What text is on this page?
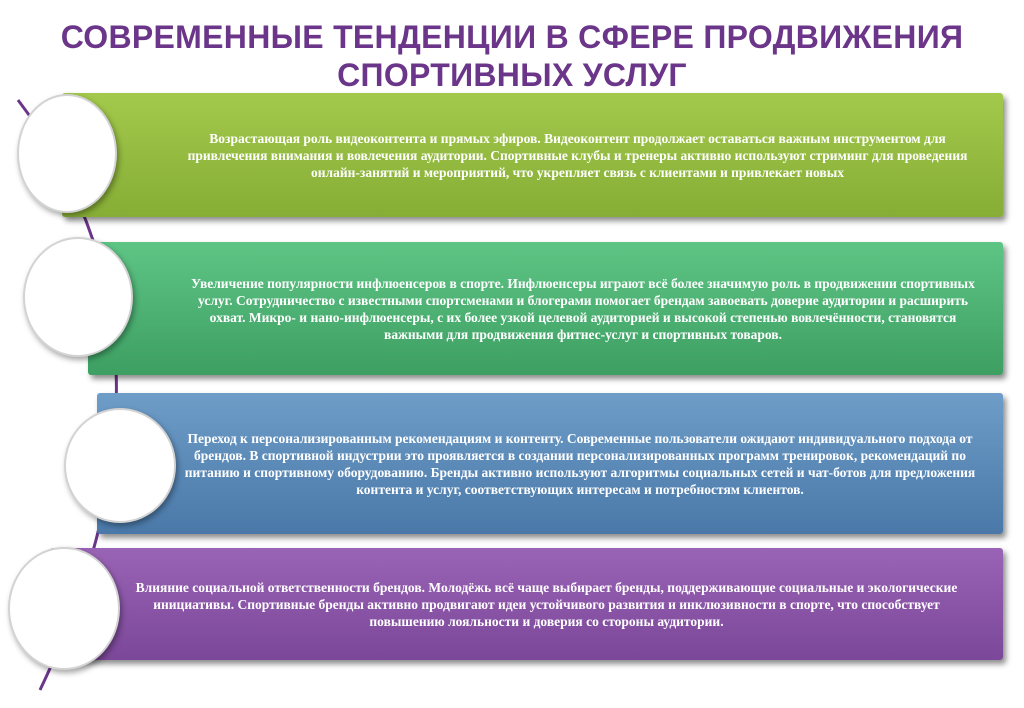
СОВРЕМЕННЫЕ ТЕНДЕНЦИИ В СФЕРЕ ПРОДВИЖЕНИЯ
СПОРТИВНЫХ УСЛУГ
Возрастающая роль видеоконтента и прямых эфиров. Видеоконтент продолжает оставаться важным инструментом для привлечения внимания и вовлечения аудитории. Спортивные клубы и тренеры активно используют стриминг для проведения онлайн-занятий и мероприятий, что укрепляет связь с клиентами и привлекает новых
Увеличение популярности инфлюенсеров в спорте. Инфлюенсеры играют всё более значимую роль в продвижении спортивных услуг. Сотрудничество с известными спортсменами и блогерами помогает брендам завоевать доверие аудитории и расширить охват. Микро- и нано-инфлюенсеры, с их более узкой целевой аудиторией и высокой степенью вовлечённости, становятся важными для продвижения фитнес-услуг и спортивных товаров.
Переход к персонализированным рекомендациям и контенту. Современные пользователи ожидают индивидуального подхода от брендов. В спортивной индустрии это проявляется в создании персонализированных программ тренировок, рекомендаций по питанию и спортивному оборудованию. Бренды активно используют алгоритмы социальных сетей и чат-ботов для предложения контента и услуг, соответствующих интересам и потребностям клиентов.
Влияние социальной ответственности брендов. Молодёжь всё чаще выбирает бренды, поддерживающие социальные и экологические инициативы. Спортивные бренды активно продвигают идеи устойчивого развития и инклюзивности в спорте, что способствует повышению лояльности и доверия со стороны аудитории.
